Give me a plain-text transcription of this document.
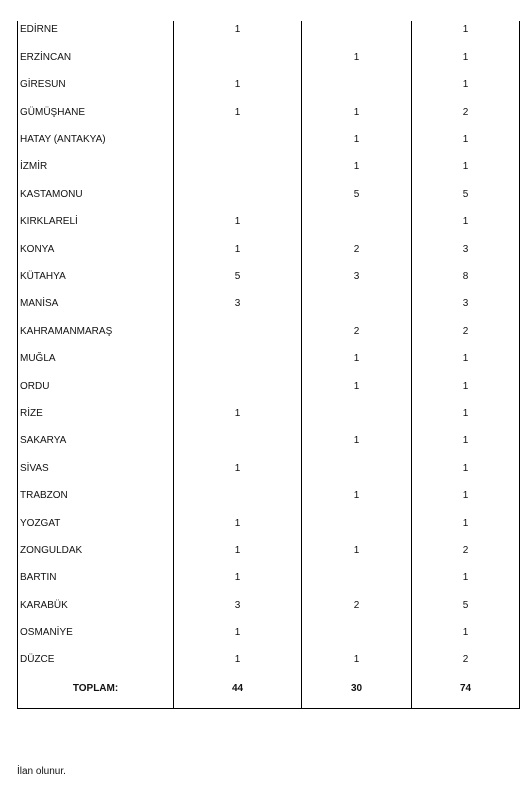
EDİRNE	1		1
ERZİNCAN		1	1
GİRESUN	1		1
GÜMÜŞHANE	1	1	2
HATAY (ANTAKYA)		1	1
İZMİR		1	1
KASTAMONU		5	5
KIRKLARELİ	1		1
KONYA	1	2	3
KÜTAHYA	5	3	8
MANİSA	3		3
KAHRAMANMARAŞ		2	2
MUĞLA		1	1
ORDU		1	1
RİZE	1		1
SAKARYA		1	1
SİVAS	1		1
TRABZON		1	1
YOZGAT	1		1
ZONGULDAK	1	1	2
BARTIN	1		1
KARABÜK	3	2	5
OSMANİYE	1		1
DÜZCE	1	1	2
TOPLAM:	44	30	74

İlan olunur.
